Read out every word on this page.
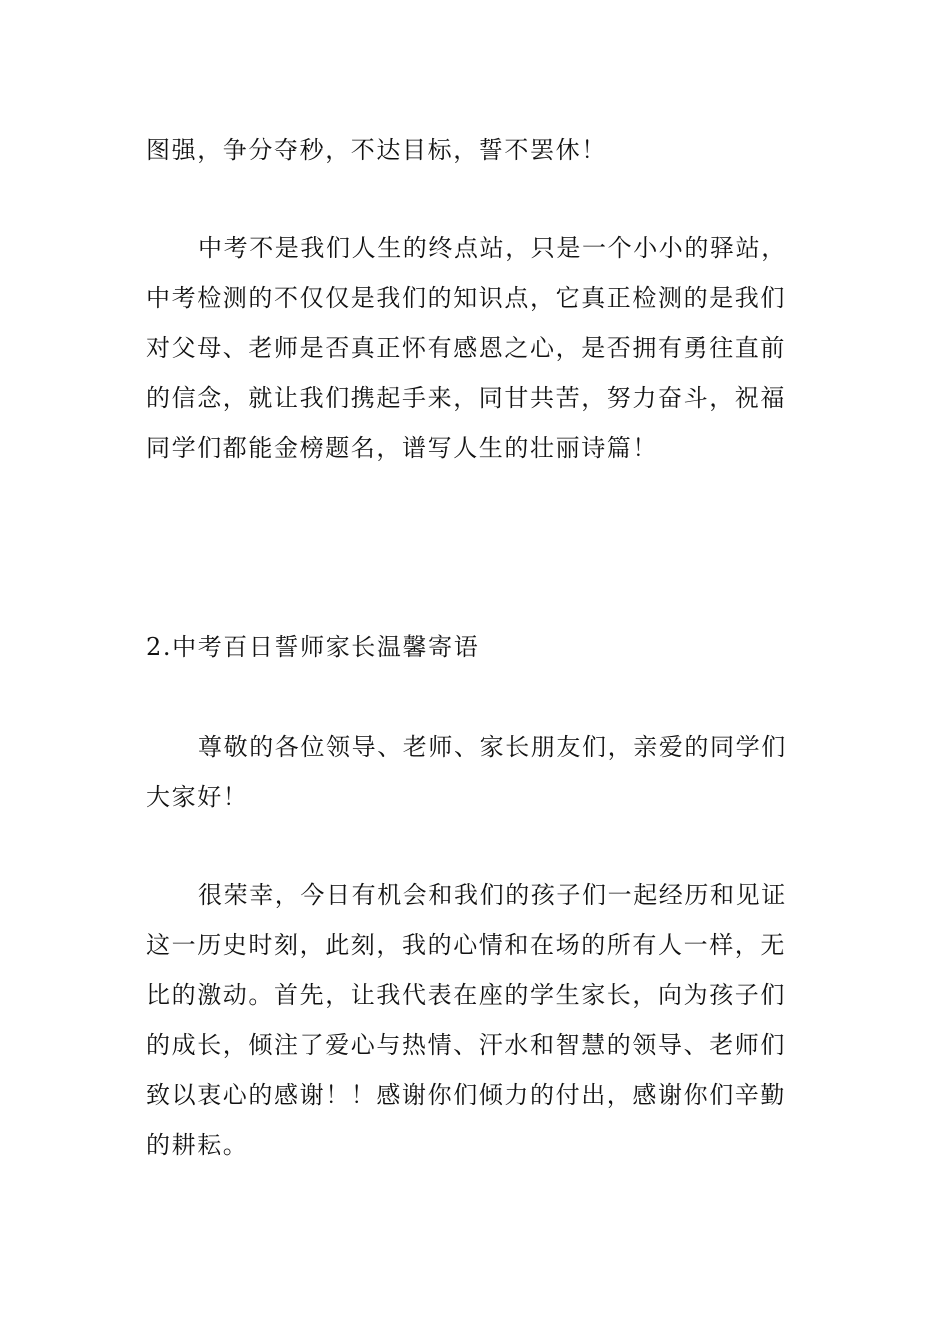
图强，争分夺秒，不达目标，誓不罢休！
中考不是我们人生的终点站，只是一个小小的驿站，
中考检测的不仅仅是我们的知识点，它真正检测的是我们
对父母、老师是否真正怀有感恩之心，是否拥有勇往直前
的信念，就让我们携起手来，同甘共苦，努力奋斗，祝福
同学们都能金榜题名，谱写人生的壮丽诗篇！
2.中考百日誓师家长温馨寄语
尊敬的各位领导、老师、家长朋友们，亲爱的同学们
大家好！
很荣幸，今日有机会和我们的孩子们一起经历和见证
这一历史时刻，此刻，我的心情和在场的所有人一样，无
比的激动。首先，让我代表在座的学生家长，向为孩子们
的成长，倾注了爱心与热情、汗水和智慧的领导、老师们
致以衷心的感谢！！感谢你们倾力的付出，感谢你们辛勤
的耕耘。
